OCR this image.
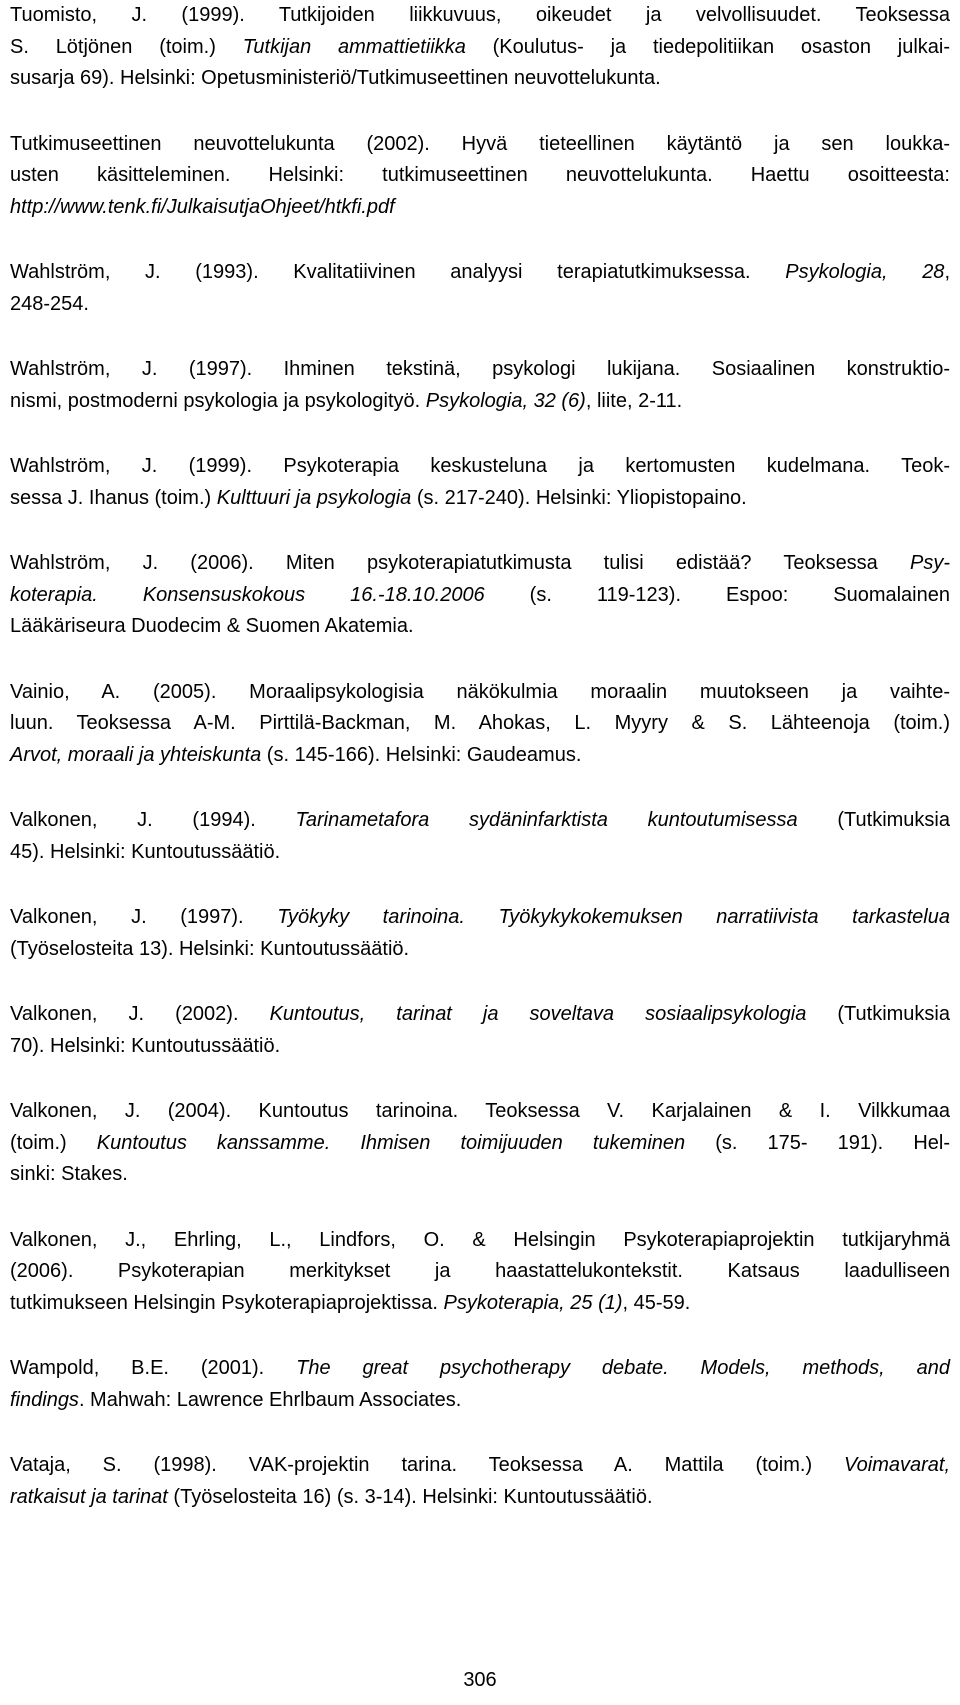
Tuomisto, J. (1999). Tutkijoiden liikkuvuus, oikeudet ja velvollisuudet. Teoksessa
S. Lötjönen (toim.) Tutkijan ammattietiikka (Koulutus- ja tiedepolitiikan osaston julkai-
susarja 69). Helsinki: Opetusministeriö/Tutkimuseettinen neuvottelukunta.
Tutkimuseettinen neuvottelukunta (2002). Hyvä tieteellinen käytäntö ja sen loukka-
usten käsitteleminen. Helsinki: tutkimuseettinen neuvottelukunta. Haettu osoitteesta:
http://www.tenk.fi/JulkaisutjaOhjeet/htkfi.pdf
Wahlström, J. (1993). Kvalitatiivinen analyysi terapiatutkimuksessa. Psykologia, 28,
248-254.
Wahlström, J. (1997). Ihminen tekstinä, psykologi lukijana. Sosiaalinen konstruktio-
nismi, postmoderni psykologia ja psykologityö. Psykologia, 32 (6), liite, 2-11.
Wahlström, J. (1999). Psykoterapia keskusteluna ja kertomusten kudelmana. Teok-
sessa J. Ihanus (toim.) Kulttuuri ja psykologia (s. 217-240). Helsinki: Yliopistopaino.
Wahlström, J. (2006). Miten psykoterapiatutkimusta tulisi edistää? Teoksessa Psy-
koterapia. Konsensuskokous 16.-18.10.2006 (s. 119-123). Espoo: Suomalainen
Lääkäriseura Duodecim & Suomen Akatemia.
Vainio, A. (2005). Moraalipsykologisia näkökulmia moraalin muutokseen ja vaihte-
luun. Teoksessa A-M. Pirttilä-Backman, M. Ahokas, L. Myyry & S. Lähteenoja (toim.)
Arvot, moraali ja yhteiskunta (s. 145-166). Helsinki: Gaudeamus.
Valkonen, J. (1994). Tarinametafora sydäninfarktista kuntoutumisessa (Tutkimuksia
45). Helsinki: Kuntoutussäätiö.
Valkonen, J. (1997). Työkyky tarinoina. Työkykykokemuksen narratiivista tarkastelua
(Työselosteita 13). Helsinki: Kuntoutussäätiö.
Valkonen, J. (2002). Kuntoutus, tarinat ja soveltava sosiaalipsykologia (Tutkimuksia
70). Helsinki: Kuntoutussäätiö.
Valkonen, J. (2004). Kuntoutus tarinoina. Teoksessa V. Karjalainen & I. Vilkkumaa
(toim.) Kuntoutus kanssamme. Ihmisen toimijuuden tukeminen (s. 175- 191). Hel-
sinki: Stakes.
Valkonen, J., Ehrling, L., Lindfors, O. & Helsingin Psykoterapiaprojektin tutkijaryhmä
(2006). Psykoterapian merkitykset ja haastattelukontekstit. Katsaus laadulliseen
tutkimukseen Helsingin Psykoterapiaprojektissa. Psykoterapia, 25 (1), 45-59.
Wampold, B.E. (2001). The great psychotherapy debate. Models, methods, and
findings. Mahwah: Lawrence Ehrlbaum Associates.
Vataja, S. (1998). VAK-projektin tarina. Teoksessa A. Mattila (toim.) Voimavarat,
ratkaisut ja tarinat (Työselosteita 16) (s. 3-14). Helsinki: Kuntoutussäätiö.
306
